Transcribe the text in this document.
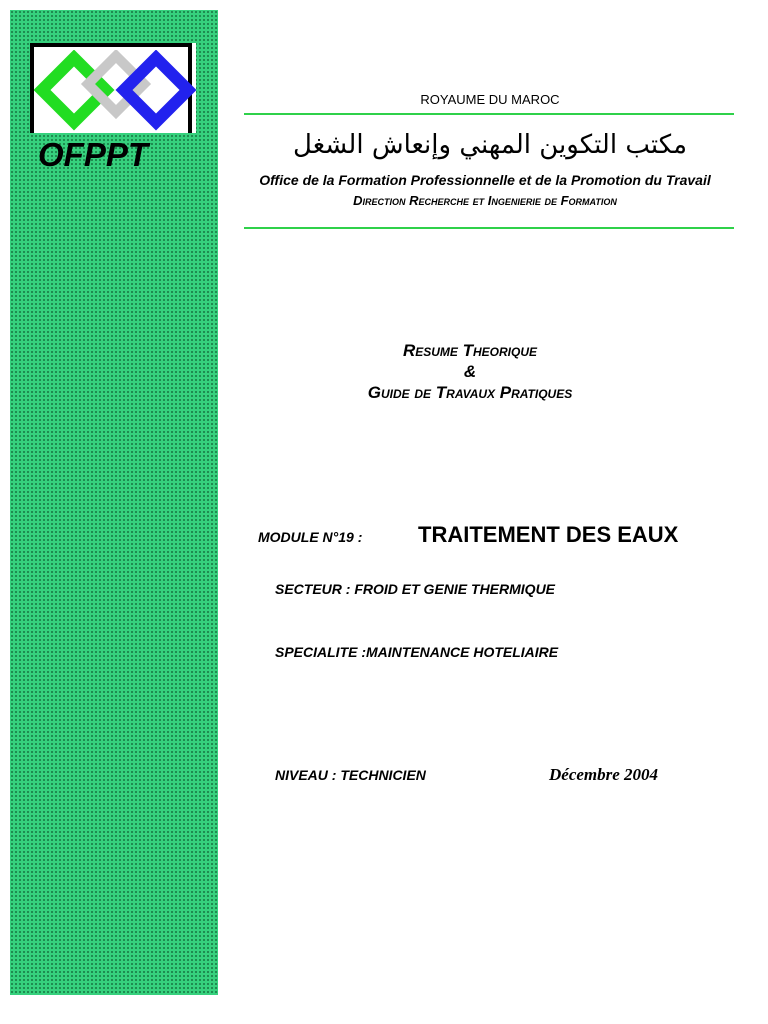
OFPPT
ROYAUME DU MAROC
مكتب التكوين المهني وإنعاش الشغل
Office de la Formation Professionnelle et de la Promotion du Travail
Direction Recherche et Ingenierie de Formation
Resume Theorique
&
Guide de Travaux Pratiques
MODULE N°19 :	TRAITEMENT DES EAUX
SECTEUR : FROID ET GENIE THERMIQUE
SPECIALITE :MAINTENANCE HOTELIAIRE
NIVEAU : TECHNICIEN	Décembre 2004
